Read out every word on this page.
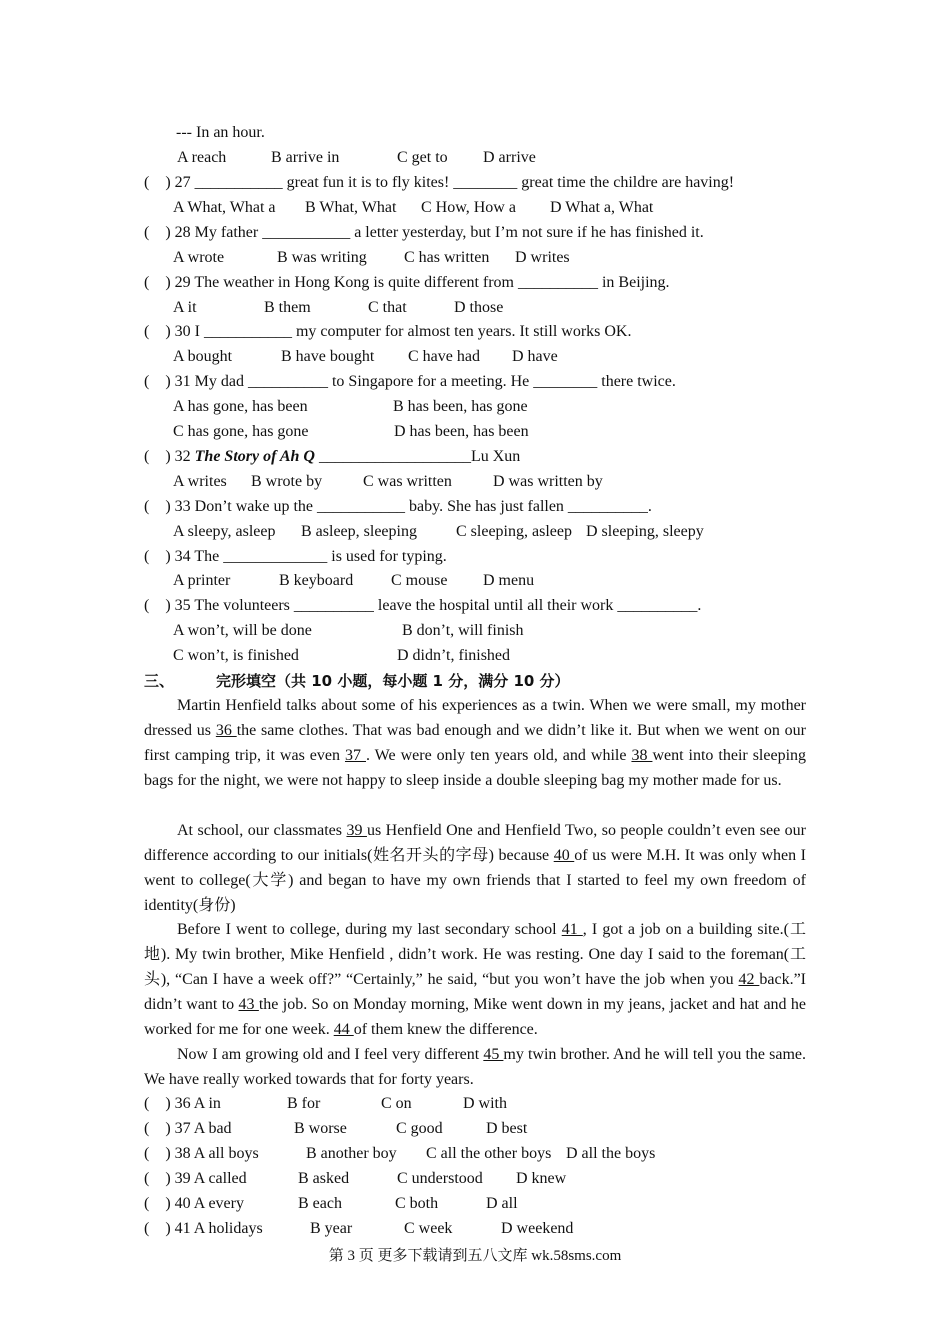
--- In an hour.
A reach	B arrive in	C get to D arrive
(    ) 27 ___________ great fun it is to fly kites! ________ great time the childre are having!
A What, What a B What, What C How, How a D What a, What
(    ) 28 My father ___________ a letter yesterday, but I’m not sure if he has finished it.
A wrote	B was writing C has written D writes
(    ) 29 The weather in Hong Kong is quite different from __________ in Beijing.
A it	B them	C that	D those
(    ) 30 I ___________ my computer for almost ten years. It still works OK.
A bought	B have bought C have had D have
(    ) 31 My dad __________ to Singapore for a meeting. He ________ there twice.
A has gone, has been	B has been, has gone
C has gone, has gone	D has been, has been
(    ) 32 The Story of Ah Q ___________________Lu Xun
A writes B wrote by	C was written	D was written by
(    ) 33 Don’t wake up the ___________ baby. She has just fallen __________.
A sleepy, asleep B asleep, sleeping C sleeping, asleep D sleeping, sleepy
(    ) 34 The _____________ is used for typing.
A printer	B keyboard C mouse D menu
(    ) 35 The volunteers __________ leave the hospital until all their work __________.
A won’t, will be done	B don’t, will finish
C won’t, is finished	D didn’t, finished
三、	完形填空（共 10 小题，每小题 1 分，满分 10 分）
Martin Henfield talks about some of his experiences as a twin. When we were small, my mother dressed us 36 the same clothes. That was bad enough and we didn’t like it. But when we went on our first camping trip, it was even 37 . We were only ten years old, and while 38 went into their sleeping bags for the night, we were not happy to sleep inside a double sleeping bag my mother made for us.
At school, our classmates 39 us Henfield One and Henfield Two, so people couldn’t even see our difference according to our initials(姓名开头的字母) because 40 of us were M.H. It was only when I went to college(大学) and began to have my own friends that I started to feel my own freedom of identity(身份)
Before I went to college, during my last secondary school 41 , I got a job on a building site.(工地). My twin brother, Mike Henfield , didn’t work. He was resting. One day I said to the foreman(工头), “Can I have a week off?” “Certainly,” he said, “but you won’t have the job when you 42 back.”I didn’t want to 43 the job. So on Monday morning, Mike went down in my jeans, jacket and hat and he worked for me for one week. 44 of them knew the difference.
Now I am growing old and I feel very different 45 my twin brother. And he will tell you the same. We have really worked towards that for forty years.
(    ) 36 A in	B for	C on	D with
(    ) 37 A bad	B worse	C good	D best
(    ) 38 A all boys	B another boy C all the other boys D all the boys
(    ) 39 A called	B asked	C understood D knew
(    ) 40 A every	B each	C both	D all
(    ) 41 A holidays	B year	C week	D weekend
第 3 页 更多下载请到五八文库 wk.58sms.com
